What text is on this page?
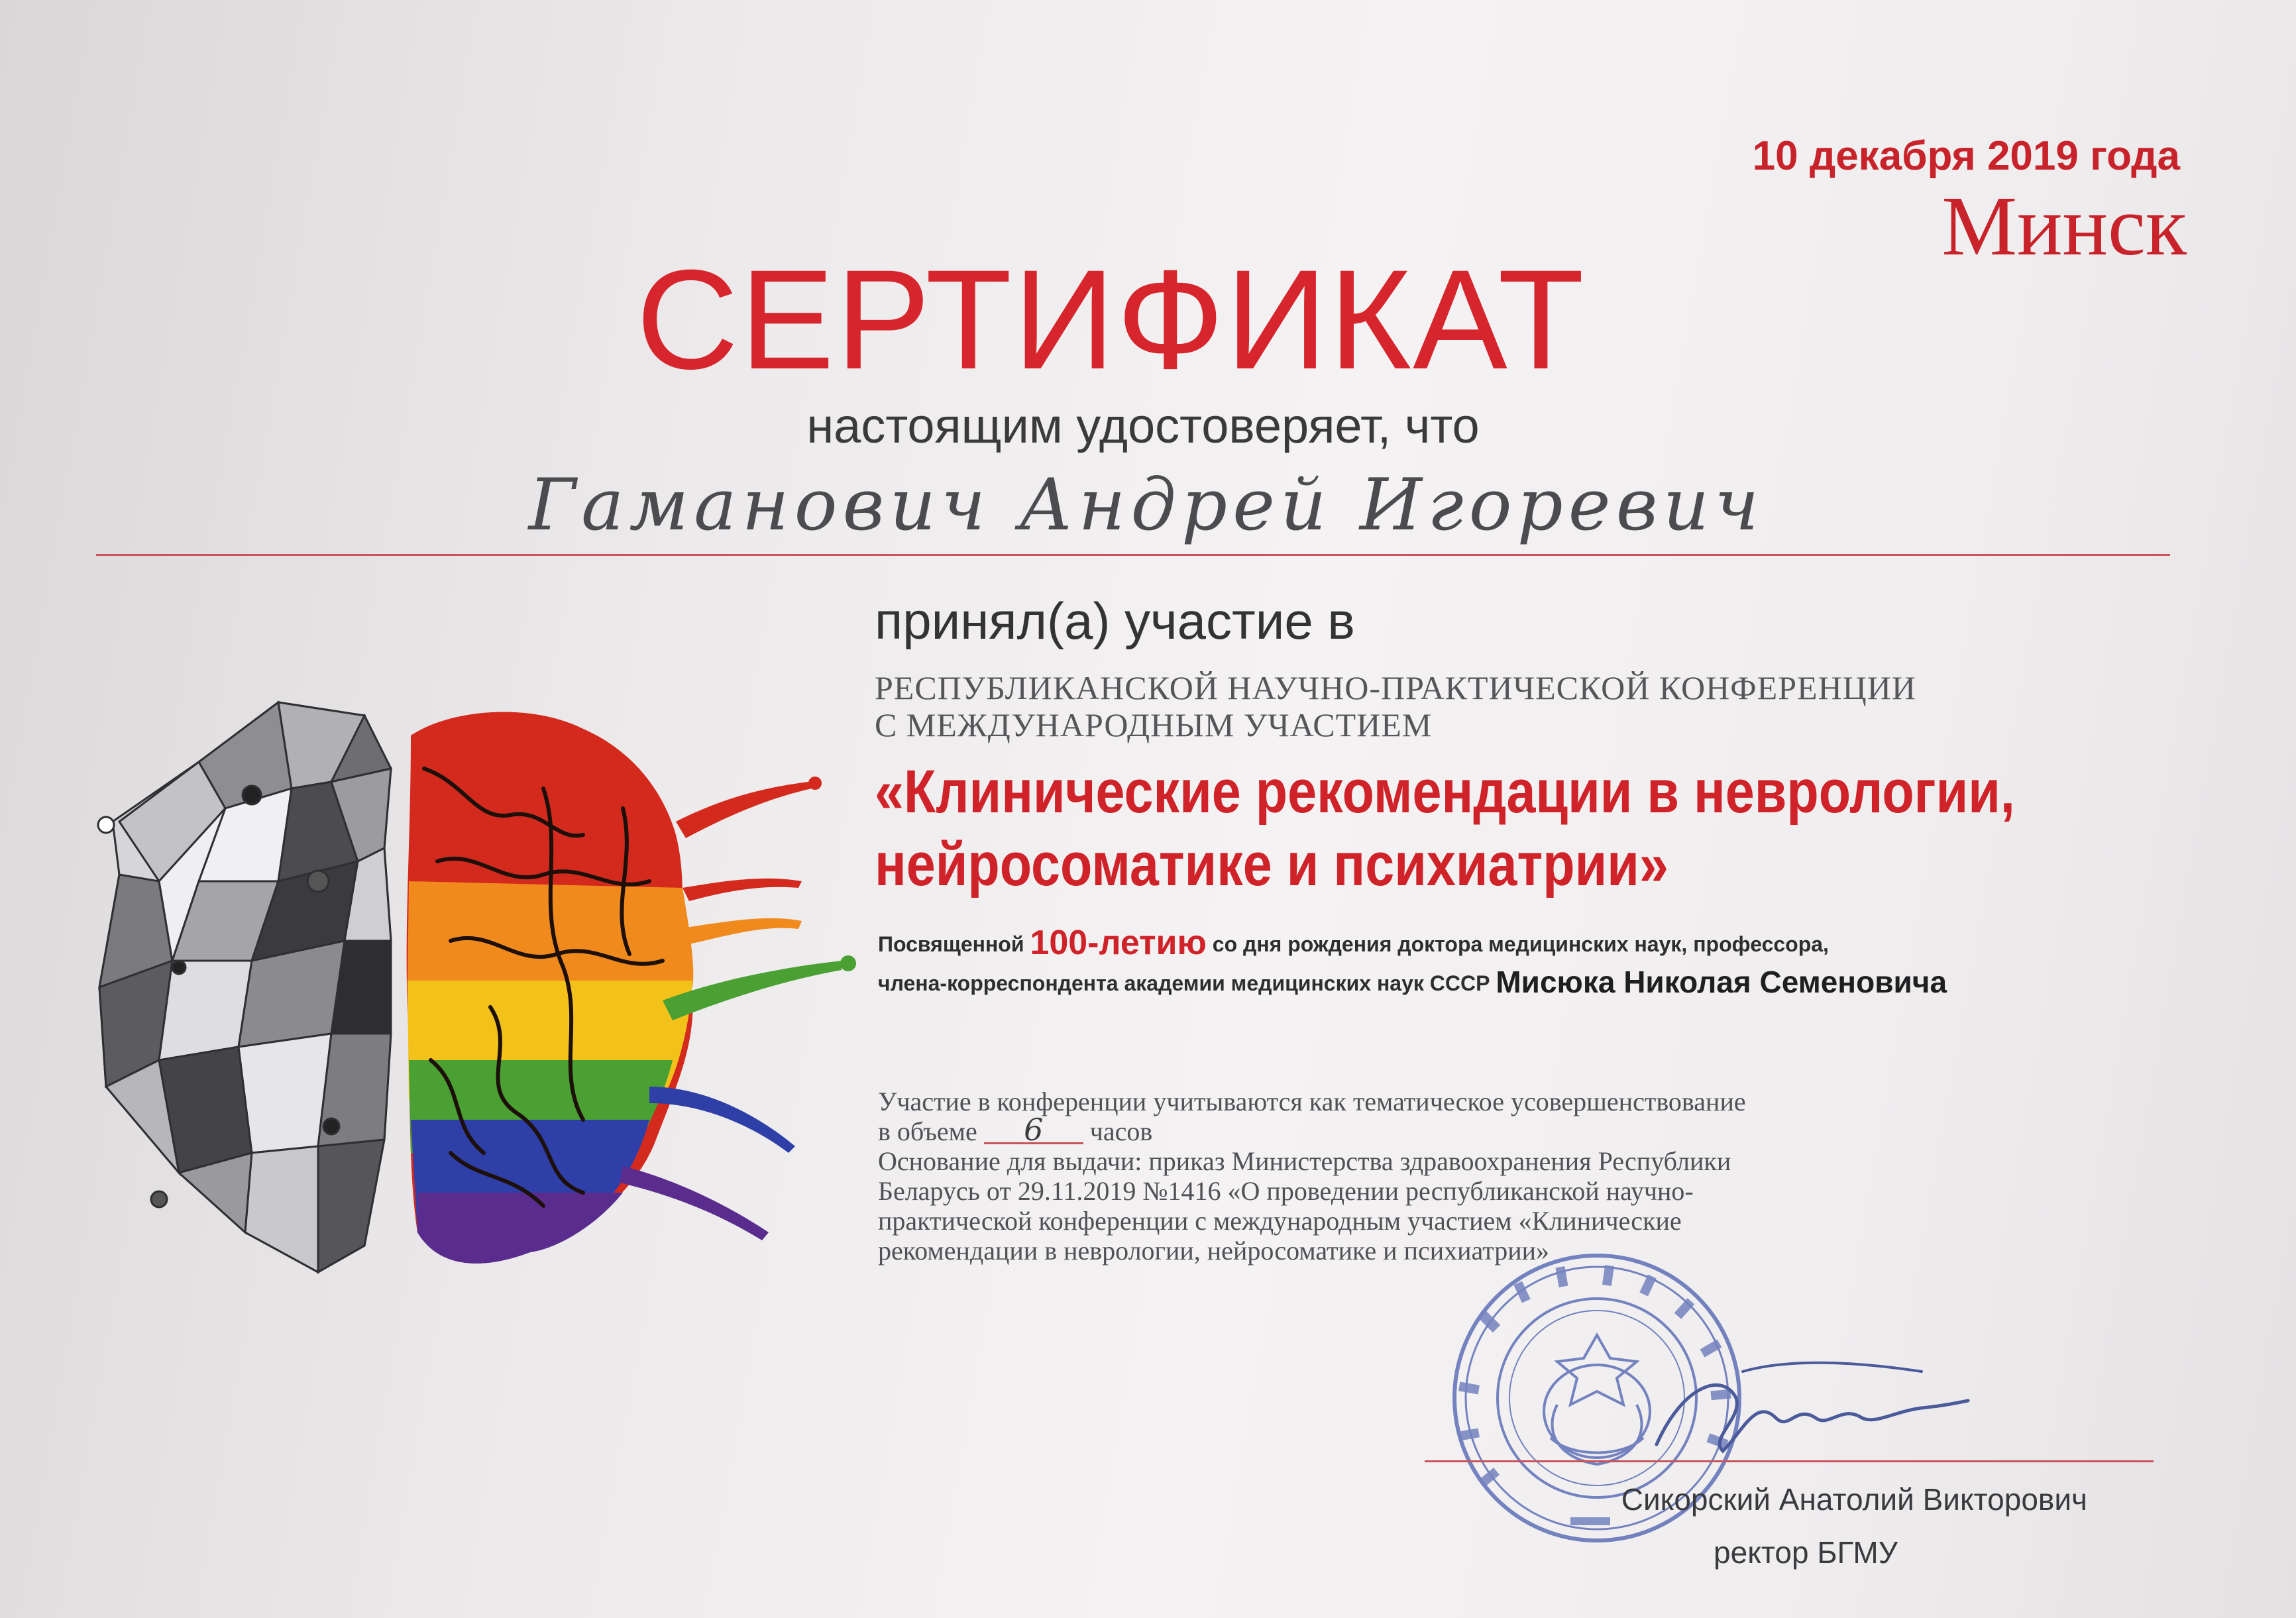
10 декабря 2019 года
Минск
СЕРТИФИКАТ
настоящим удостоверяет, что
Гаманович Андрей Игоревич
принял(а) участие в
РЕСПУБЛИКАНСКОЙ НАУЧНО-ПРАКТИЧЕСКОЙ КОНФЕРЕНЦИИ
С МЕЖДУНАРОДНЫМ УЧАСТИЕМ
«Клинические рекомендации в неврологии,
нейросоматике и психиатрии»
Посвященной 100-летию со дня рождения доктора медицинских наук, профессора,
члена-корреспондента академии медицинских наук СССР Мисюка Николая Семеновича
Участие в конференции учитываются как тематическое усовершенствование
в объеме 6 часов
Основание для выдачи: приказ Министерства здравоохранения Республики
Беларусь от 29.11.2019 №1416 «О проведении республиканской научно-
практической конференции с международным участием «Клинические
рекомендации в неврологии, нейросоматике и психиатрии»
Сикорский Анатолий Викторович
ректор БГМУ
